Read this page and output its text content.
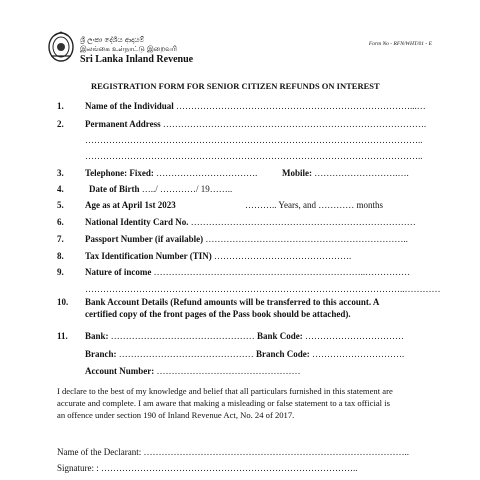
Form No - RFN/WHT/01 - E
ශ්‍රී ලංකා දේශීය ආදායම්
இலங்கை உள்நாட்டு இறைவரி
Sri Lanka Inland Revenue
REGISTRATION FORM FOR SENIOR CITIZEN REFUNDS ON INTEREST
1. Name of the Individual ……………………………………………………………………...…
2. Permanent Address …………………………………………………………………………….
…………………………………………………………………………………………………..
…………………………………………………………………………………………………..
3. Telephone: Fixed: …………………………….	Mobile: ……………………….….
4.	Date of Birth …../ …………/ 19……..
5. Age as at April 1st 2023	……….. Years, and ………… months
6. National Identity Card No. …………………………………………………………………
7. Passport Number (if available) …………………………………………………………..
8. Tax Identification Number (TIN) ……………………………………….
9. Nature of income ……………………………………………………………..……………
……………………………………………………………………………………………..…………
10. Bank Account Details (Refund amounts will be transferred to this account. A
certified copy of the front pages of the Pass book should be attached).
11. Bank: ………………………………………… Bank Code: ……………………………
Branch: ……………………………………… Branch Code: ………………………….
Account Number: …………………………………………
I declare to the best of my knowledge and belief that all particulars furnished in this statement are
accurate and complete. I am aware that making a misleading or false statement to a tax official is
an offence under section 190 of Inland Revenue Act, No. 24 of 2017.
Name of the Declarant: ……………………………………………………………………………..
Signature: : …………………………………………………………………………..
